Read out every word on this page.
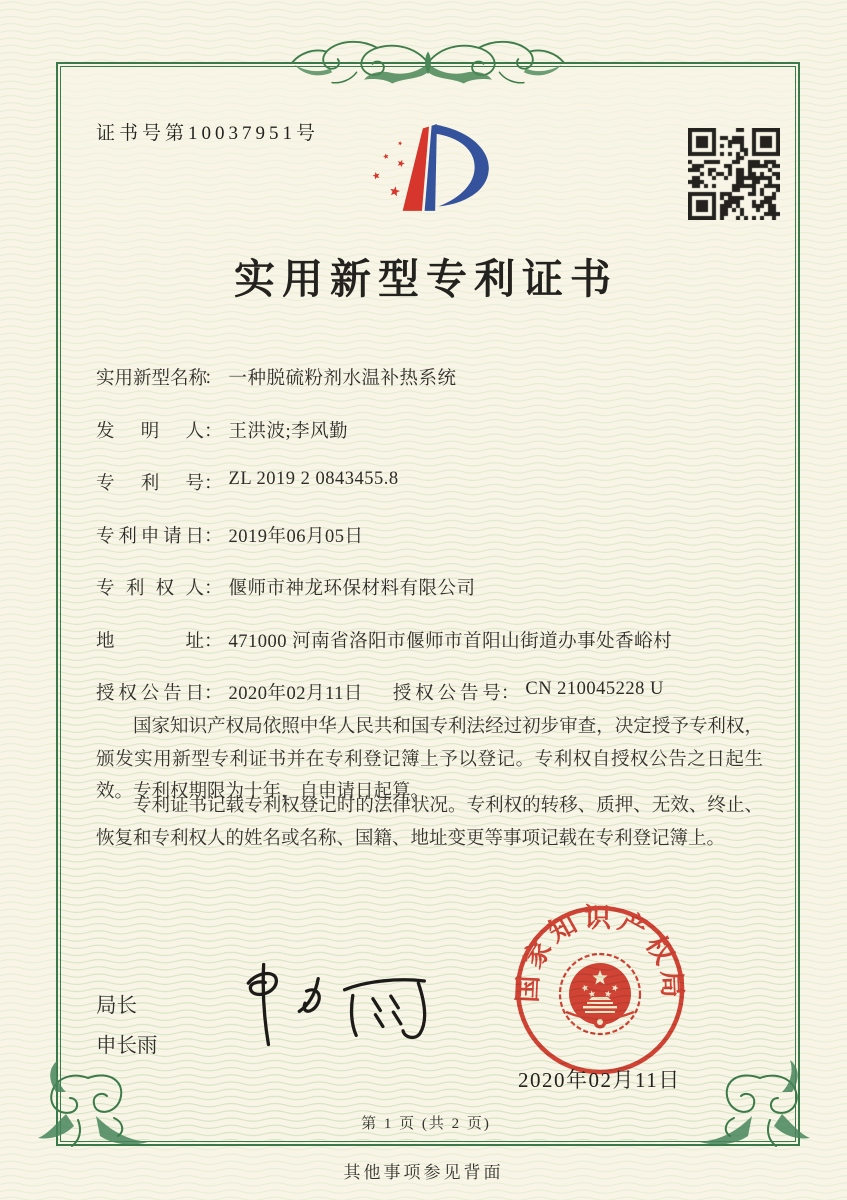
证书号第10037951号
实用新型专利证书
实用新型名称
： 一种脱硫粉剂水温补热系统
发明人 ： 王洪波;李风勤
专利号 ： ZL 2019 2 0843455.8
专利申请日 ： 2019年06月05日
专利权人 ： 偃师市神龙环保材料有限公司
地址 ： 471000 河南省洛阳市偃师市首阳山街道办事处香峪村
授权公告日 ： 2020年02月11日 授权公告号 ： CN 210045228 U

国家知识产权局依照中华人民共和国专利法经过初步审查，决定授予专利权，颁发实用新型专利证书并在专利登记簿上予以登记。专利权自授权公告之日起生效。专利权期限为十年，自申请日起算。

专利证书记载专利权登记时的法律状况。专利权的转移、质押、无效、终止、恢复和专利权人的姓名或名称、国籍、地址变更等事项记载在专利登记簿上。

国家知识产权局
2020年02月11日
局长
申长雨
第 1 页 (共 2 页)
其他事项参见背面
